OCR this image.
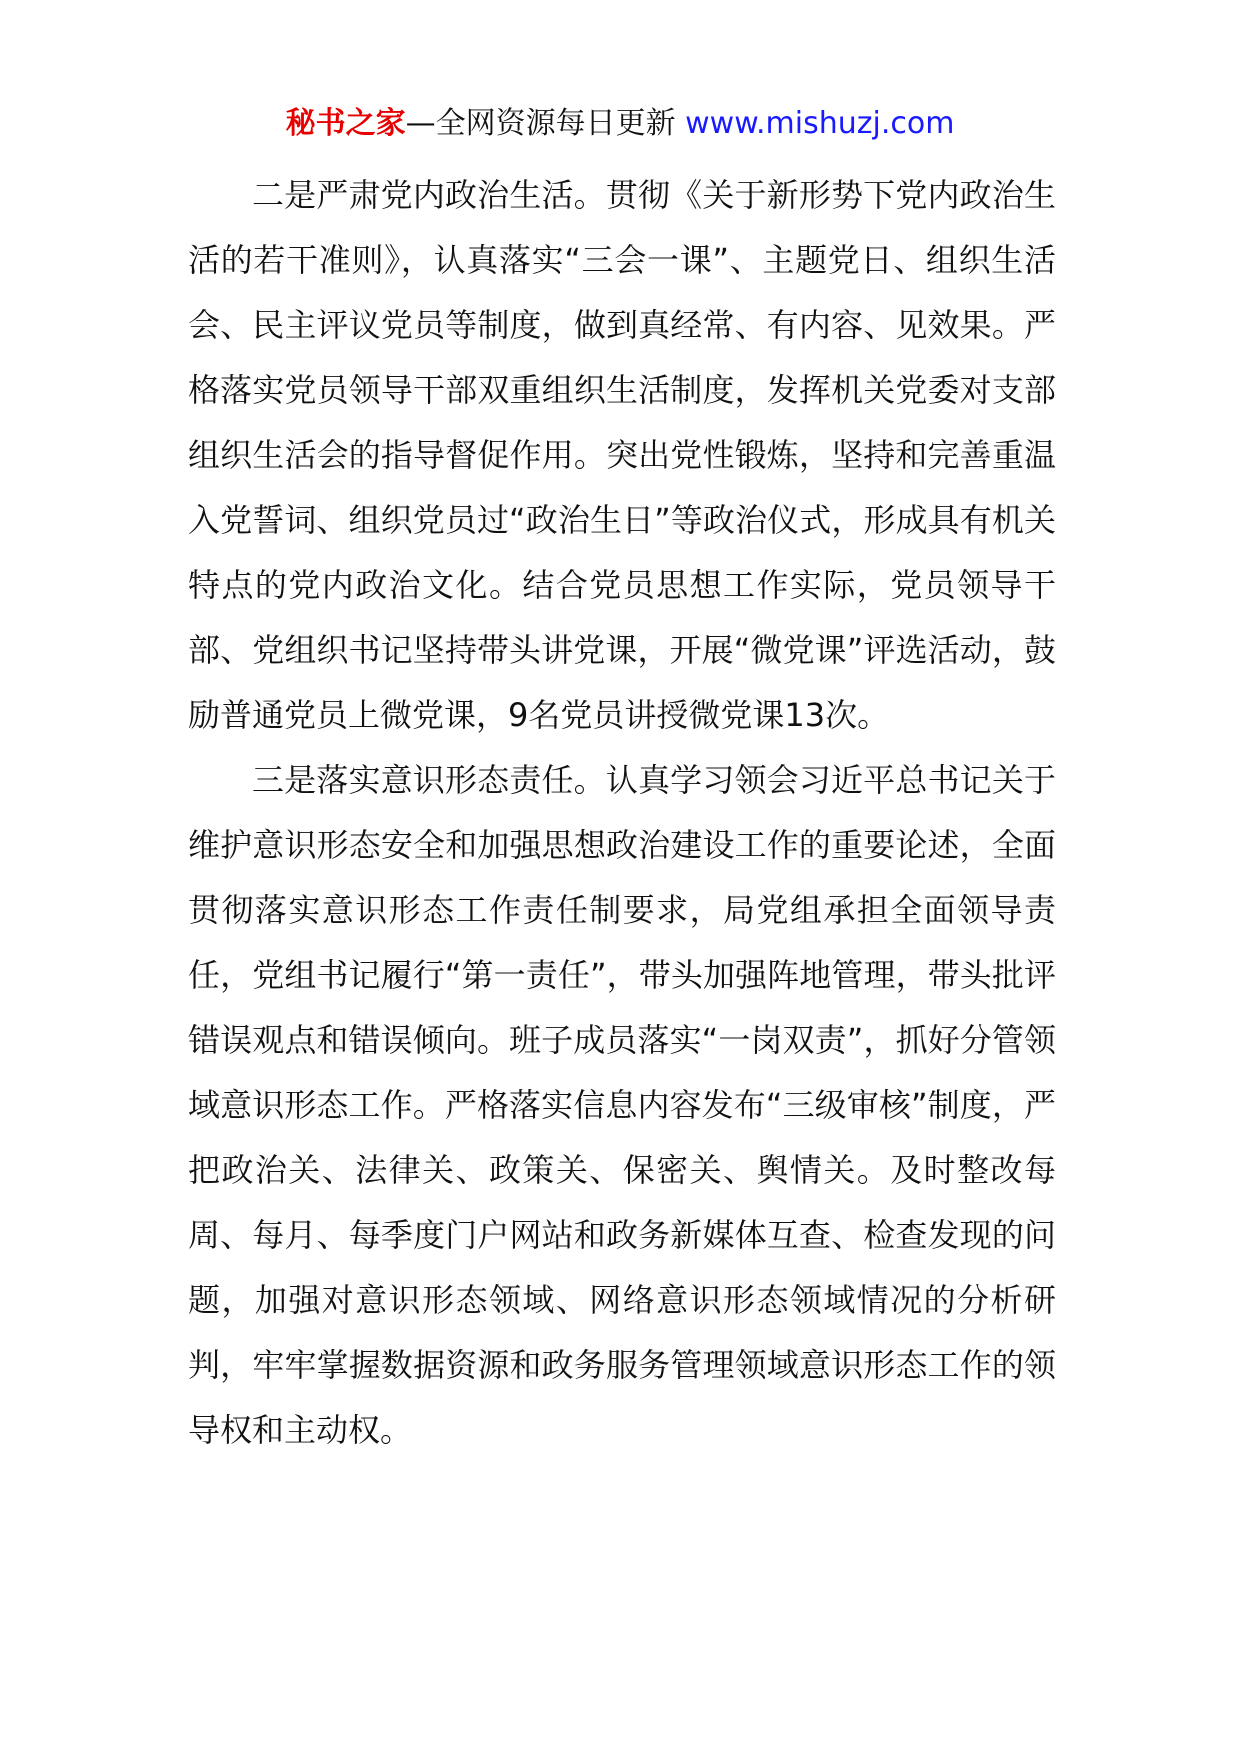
秘书之家—全网资源每日更新 www.mishuzj.com

二是严肃党内政治生活。贯彻《关于新形势下党内政治生活的若干准则》，认真落实“三会一课”、主题党日、组织生活会、民主评议党员等制度，做到真经常、有内容、见效果。严格落实党员领导干部双重组织生活制度，发挥机关党委对支部组织生活会的指导督促作用。突出党性锻炼，坚持和完善重温入党誓词、组织党员过“政治生日”等政治仪式，形成具有机关特点的党内政治文化。结合党员思想工作实际，党员领导干部、党组织书记坚持带头讲党课，开展“微党课”评选活动，鼓励普通党员上微党课，9名党员讲授微党课13次。

三是落实意识形态责任。认真学习领会习近平总书记关于维护意识形态安全和加强思想政治建设工作的重要论述，全面贯彻落实意识形态工作责任制要求，局党组承担全面领导责任，党组书记履行“第一责任”，带头加强阵地管理，带头批评错误观点和错误倾向。班子成员落实“一岗双责”，抓好分管领域意识形态工作。严格落实信息内容发布“三级审核”制度，严把政治关、法律关、政策关、保密关、舆情关。及时整改每周、每月、每季度门户网站和政务新媒体互查、检查发现的问题，加强对意识形态领域、网络意识形态领域情况的分析研判，牢牢掌握数据资源和政务服务管理领域意识形态工作的领导权和主动权。
